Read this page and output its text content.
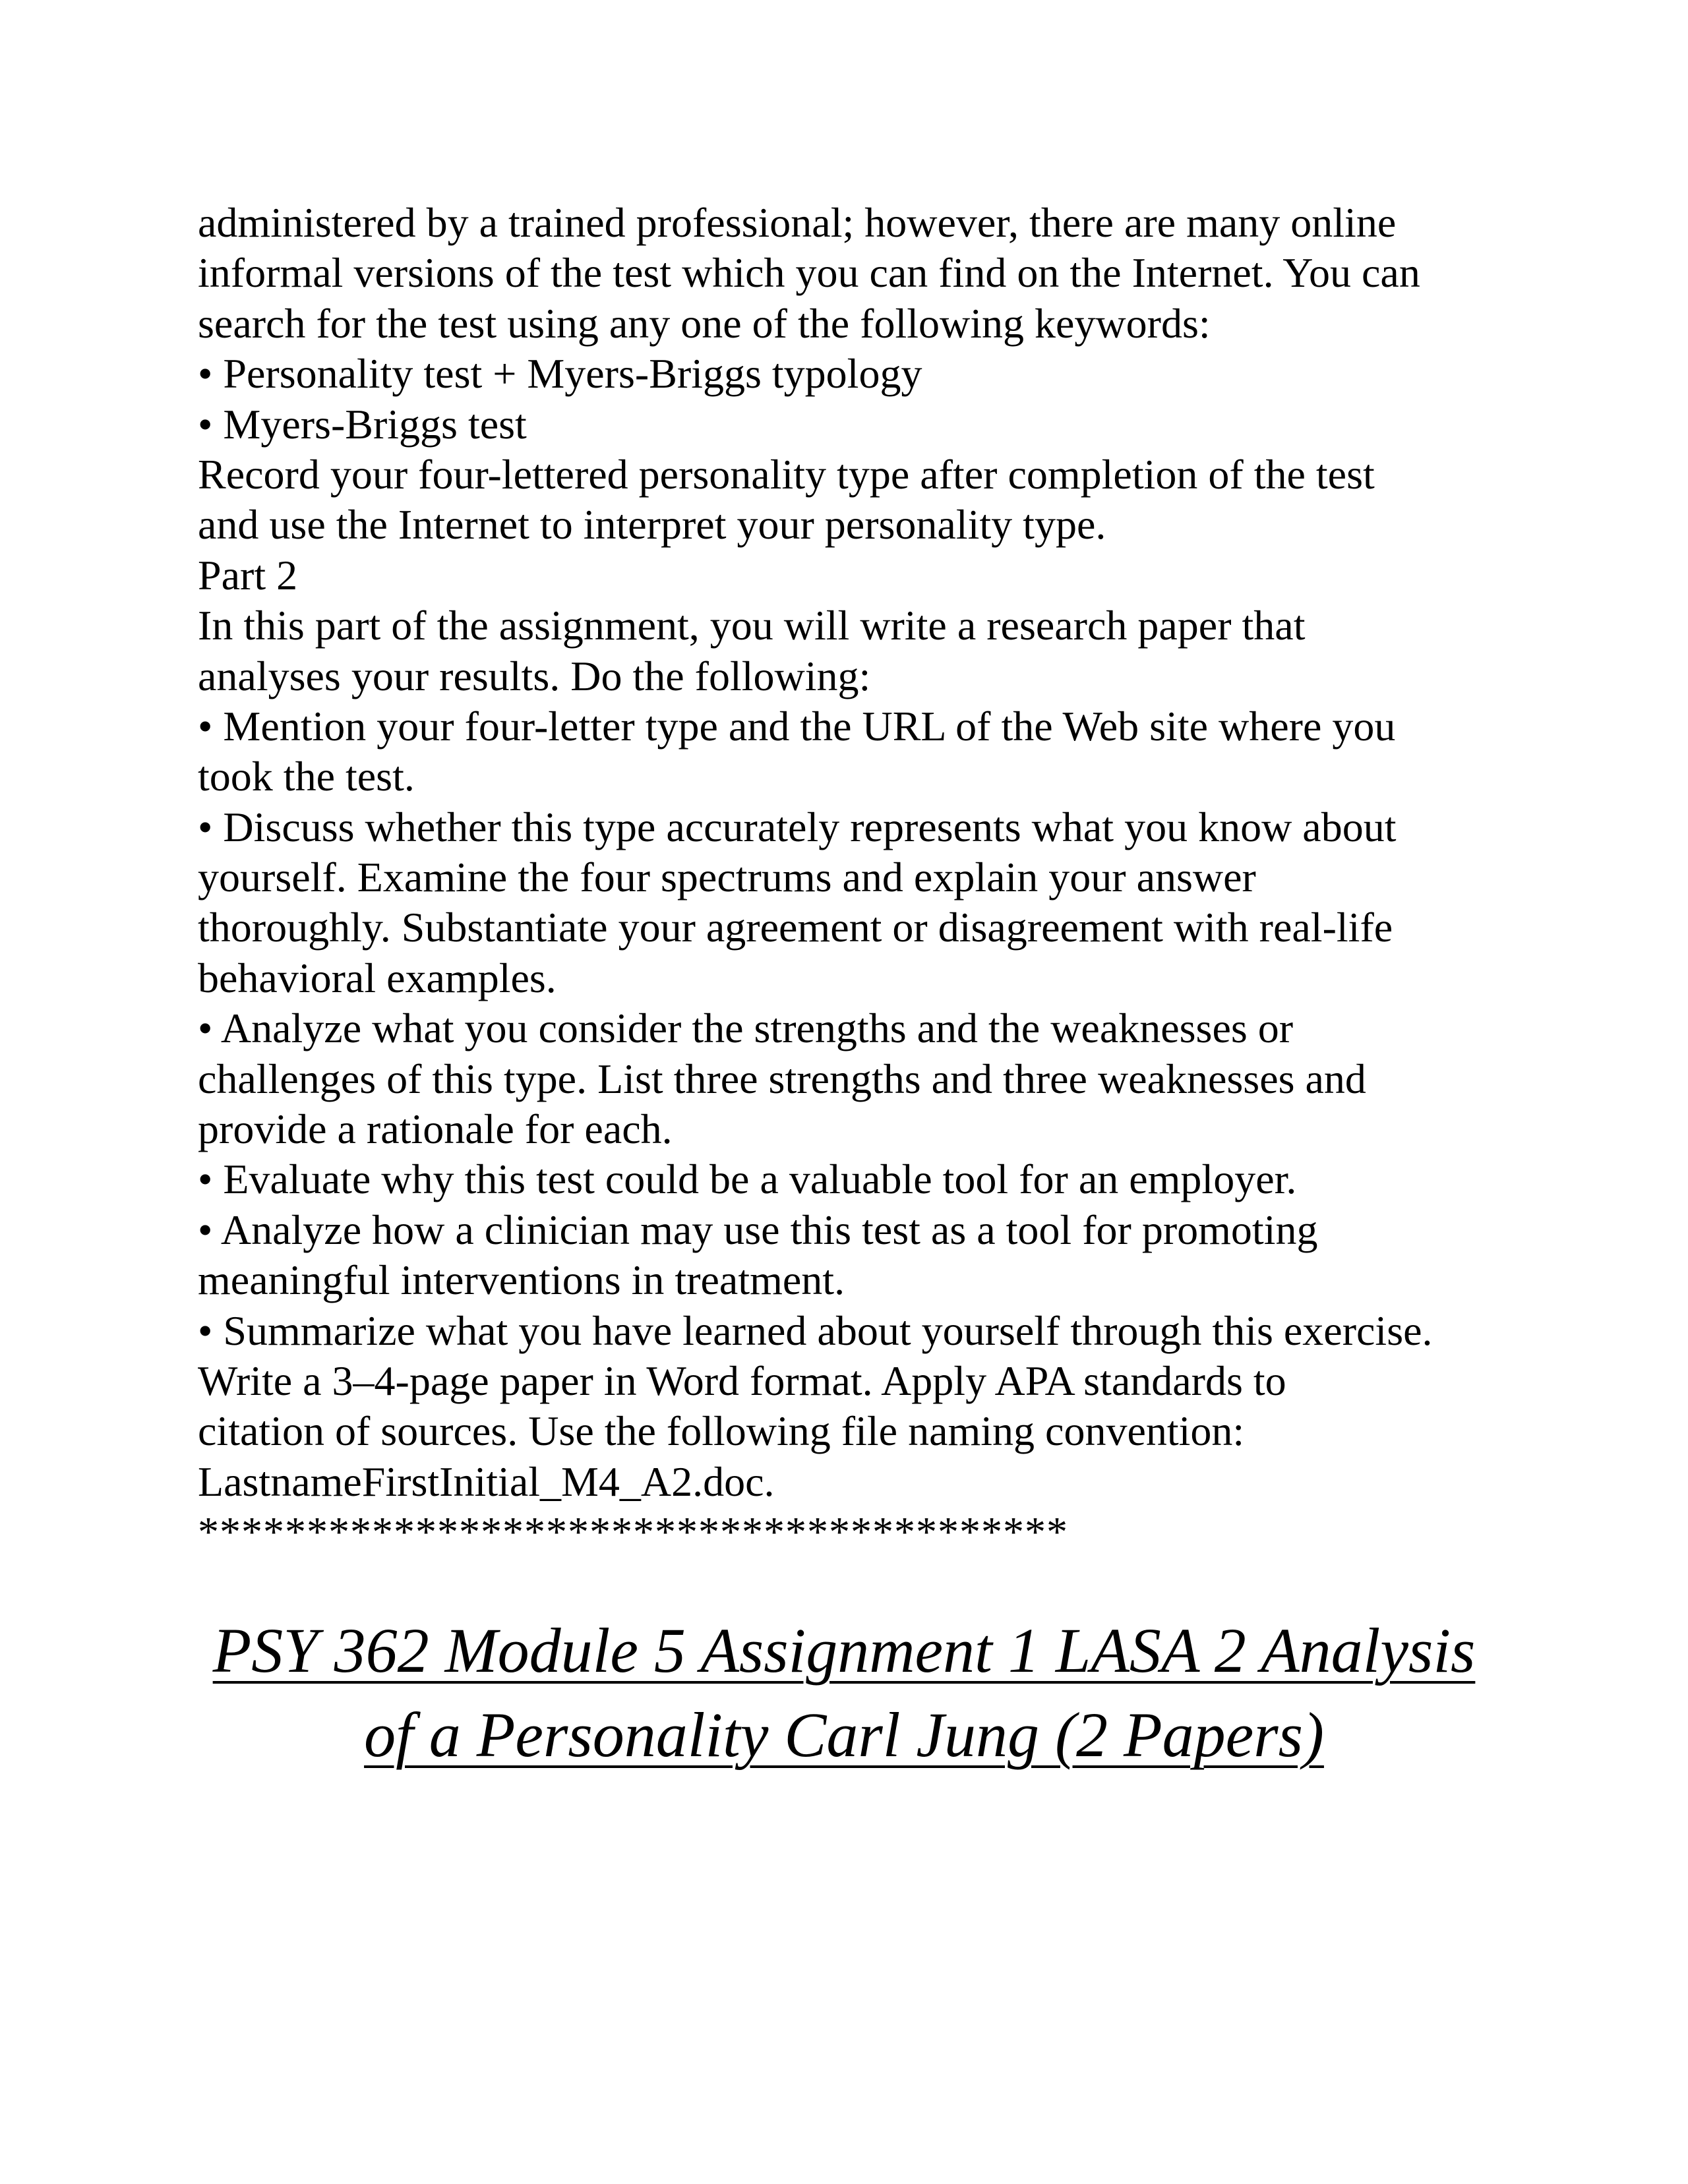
administered by a trained professional; however, there are many online
informal versions of the test which you can find on the Internet. You can
search for the test using any one of the following keywords:
• Personality test + Myers-Briggs typology
• Myers-Briggs test
Record your four-lettered personality type after completion of the test
and use the Internet to interpret your personality type.
Part 2
In this part of the assignment, you will write a research paper that
analyses your results. Do the following:
• Mention your four-letter type and the URL of the Web site where you
took the test.
• Discuss whether this type accurately represents what you know about
yourself. Examine the four spectrums and explain your answer
thoroughly. Substantiate your agreement or disagreement with real-life
behavioral examples.
• Analyze what you consider the strengths and the weaknesses or
challenges of this type. List three strengths and three weaknesses and
provide a rationale for each.
• Evaluate why this test could be a valuable tool for an employer.
• Analyze how a clinician may use this test as a tool for promoting
meaningful interventions in treatment.
• Summarize what you have learned about yourself through this exercise.
Write a 3–4-page paper in Word format. Apply APA standards to
citation of sources. Use the following file naming convention:
LastnameFirstInitial_M4_A2.doc.
****************************************
PSY 362 Module 5 Assignment 1 LASA 2 Analysis
of a Personality Carl Jung (2 Papers)
